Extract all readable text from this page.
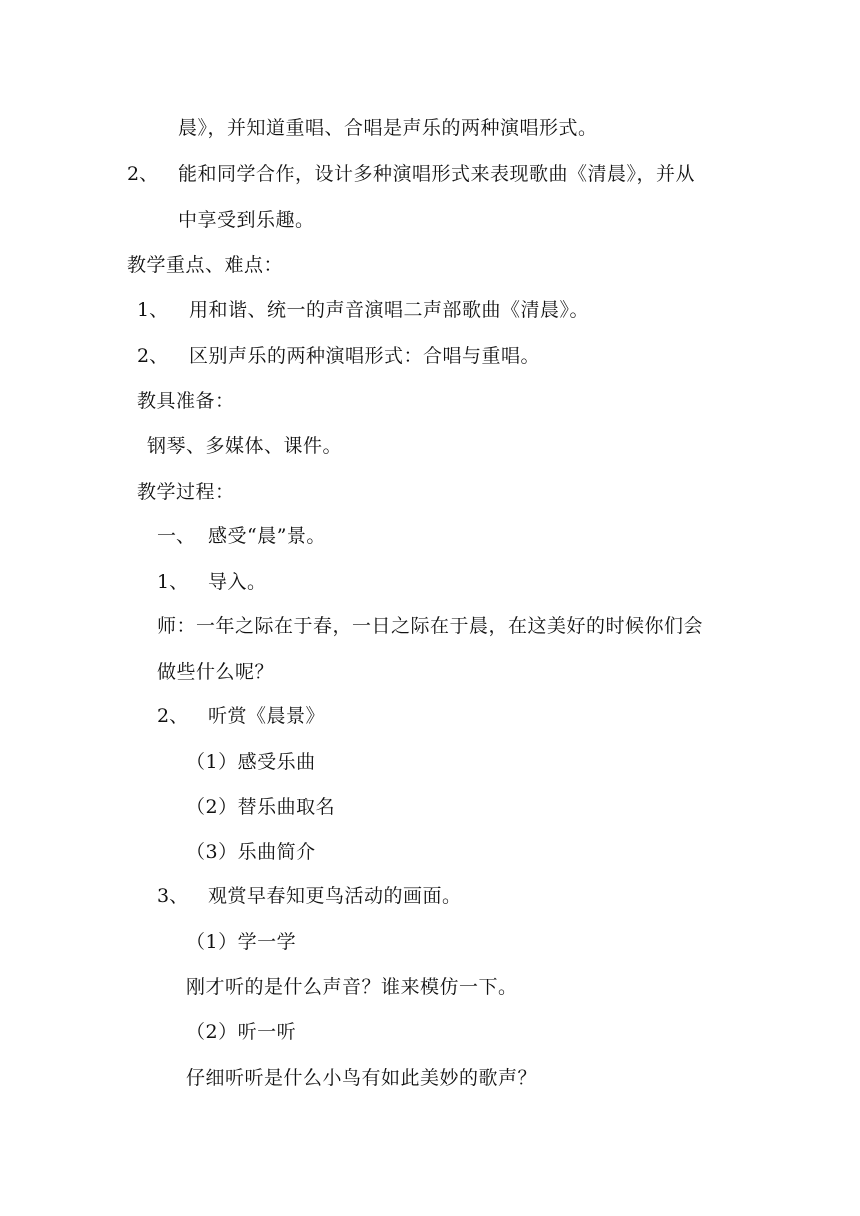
晨》，并知道重唱、合唱是声乐的两种演唱形式。
2、 能和同学合作，设计多种演唱形式来表现歌曲《清晨》，并从
中享受到乐趣。
教学重点、难点：
1、 用和谐、统一的声音演唱二声部歌曲《清晨》。
2、 区别声乐的两种演唱形式：合唱与重唱。
教具准备：
钢琴、多媒体、课件。
教学过程：
一、 感受“晨”景。
1、 导入。
师：一年之际在于春，一日之际在于晨，在这美好的时候你们会
做些什么呢？
2、 听赏《晨景》
（1）感受乐曲
（2）替乐曲取名
（3）乐曲简介
3、 观赏早春知更鸟活动的画面。
（1）学一学
刚才听的是什么声音？谁来模仿一下。
（2）听一听
仔细听听是什么小鸟有如此美妙的歌声？
